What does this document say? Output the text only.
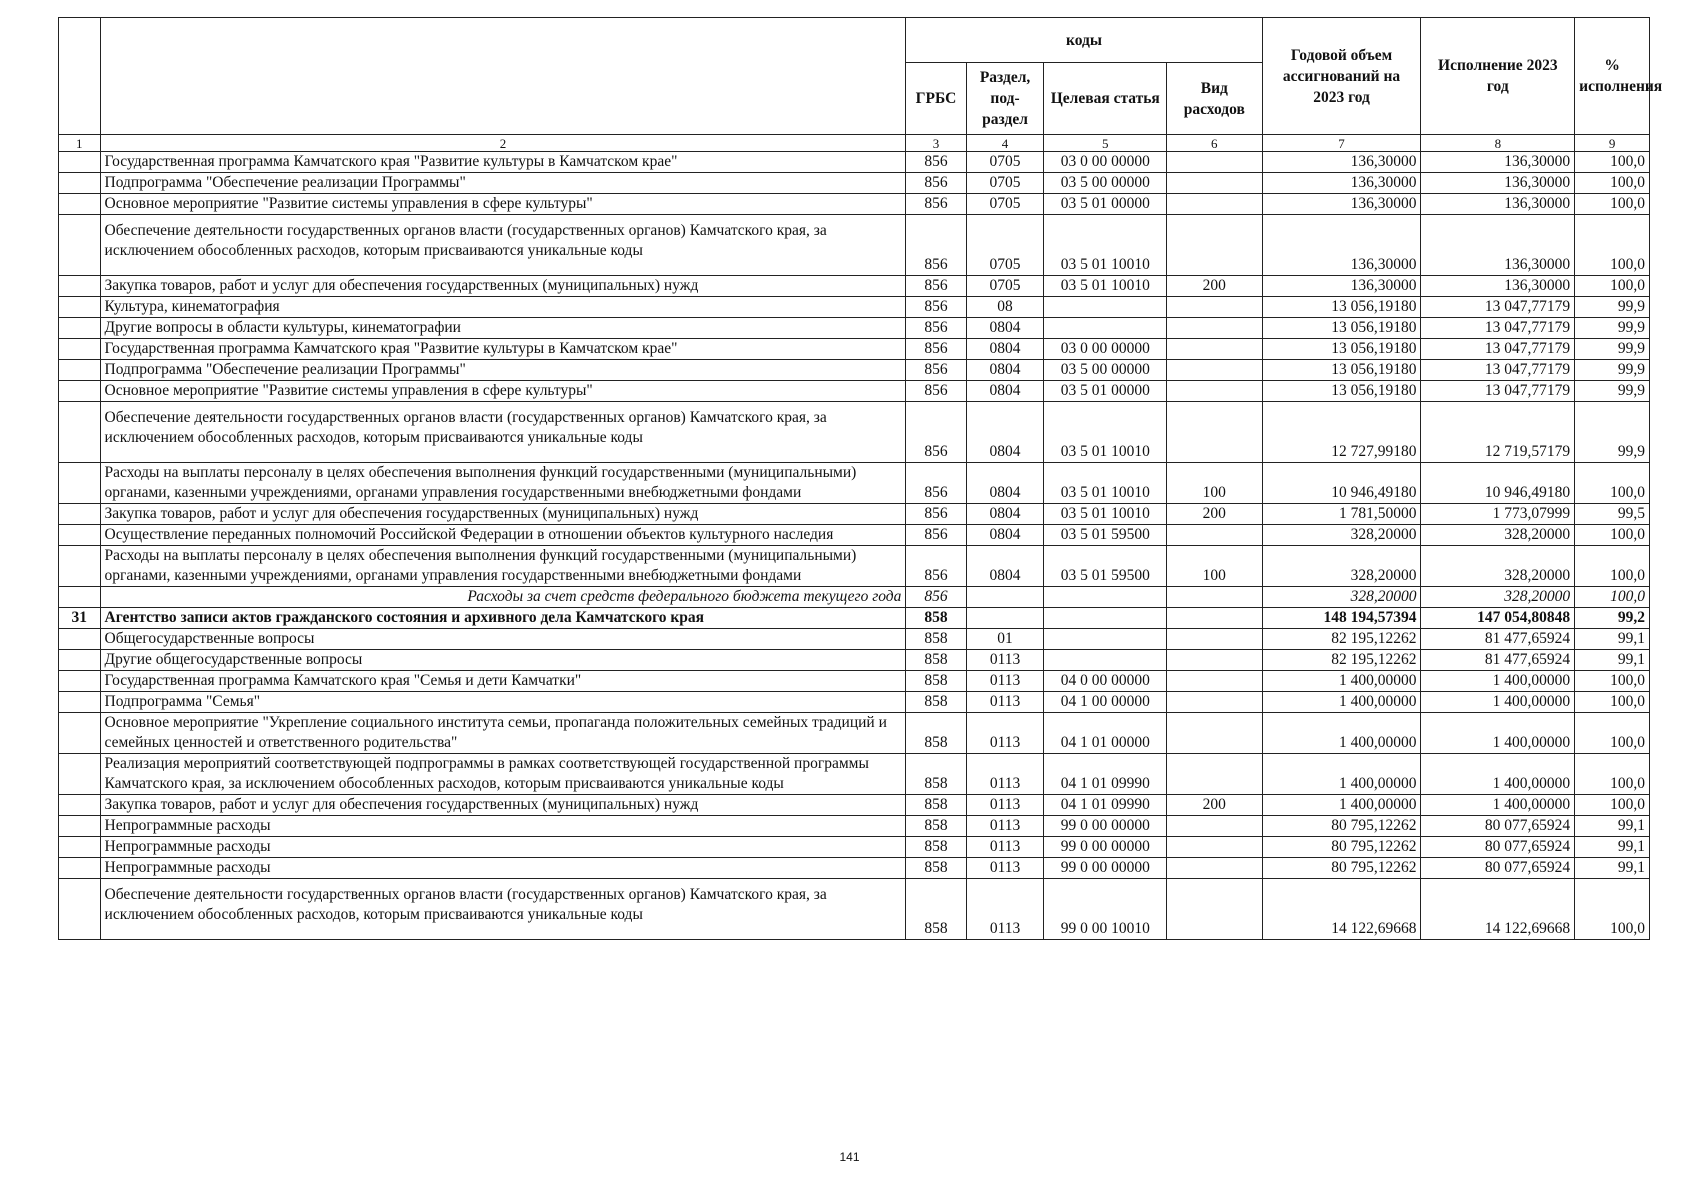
		коды				Годовой объем ассигнований на 2023 год	Исполнение 2023 год	% исполнения
		ГРБС	Раздел, под-раздел	Целевая статья	Вид расходов			
1	2	3	4	5	6	7	8	9
	Государственная программа Камчатского края "Развитие культуры в Камчатском крае"	856	0705	03 0 00 00000		136,30000	136,30000	100,0
	Подпрограмма "Обеспечение реализации Программы"	856	0705	03 5 00 00000		136,30000	136,30000	100,0
	Основное мероприятие "Развитие системы управления в сфере культуры"	856	0705	03 5 01 00000		136,30000	136,30000	100,0
	Обеспечение деятельности государственных органов власти (государственных органов) Камчатского края, за исключением обособленных расходов, которым присваиваются уникальные коды	856	0705	03 5 01 10010		136,30000	136,30000	100,0
	Закупка товаров, работ и услуг для обеспечения государственных (муниципальных) нужд	856	0705	03 5 01 10010	200	136,30000	136,30000	100,0
	Культура, кинематография	856	08			13 056,19180	13 047,77179	99,9
	Другие вопросы в области культуры, кинематографии	856	0804			13 056,19180	13 047,77179	99,9
	Государственная программа Камчатского края "Развитие культуры в Камчатском крае"	856	0804	03 0 00 00000		13 056,19180	13 047,77179	99,9
	Подпрограмма "Обеспечение реализации Программы"	856	0804	03 5 00 00000		13 056,19180	13 047,77179	99,9
	Основное мероприятие "Развитие системы управления в сфере культуры"	856	0804	03 5 01 00000		13 056,19180	13 047,77179	99,9
	Обеспечение деятельности государственных органов власти (государственных органов) Камчатского края, за исключением обособленных расходов, которым присваиваются уникальные коды	856	0804	03 5 01 10010		12 727,99180	12 719,57179	99,9
	Расходы на выплаты персоналу в целях обеспечения выполнения функций государственными (муниципальными) органами, казенными учреждениями, органами управления государственными внебюджетными фондами	856	0804	03 5 01 10010	100	10 946,49180	10 946,49180	100,0
	Закупка товаров, работ и услуг для обеспечения государственных (муниципальных) нужд	856	0804	03 5 01 10010	200	1 781,50000	1 773,07999	99,5
	Осуществление переданных полномочий Российской Федерации в отношении объектов культурного наследия	856	0804	03 5 01 59500		328,20000	328,20000	100,0
	Расходы на выплаты персоналу в целях обеспечения выполнения функций государственными (муниципальными) органами, казенными учреждениями, органами управления государственными внебюджетными фондами	856	0804	03 5 01 59500	100	328,20000	328,20000	100,0
	Расходы за счет средств федерального бюджета текущего года	856				328,20000	328,20000	100,0
31	Агентство записи актов гражданского состояния и архивного дела Камчатского края	858				148 194,57394	147 054,80848	99,2
	Общегосударственные вопросы	858	01			82 195,12262	81 477,65924	99,1
	Другие общегосударственные вопросы	858	0113			82 195,12262	81 477,65924	99,1
	Государственная программа Камчатского края "Семья и дети Камчатки"	858	0113	04 0 00 00000		1 400,00000	1 400,00000	100,0
	Подпрограмма "Семья"	858	0113	04 1 00 00000		1 400,00000	1 400,00000	100,0
	Основное мероприятие "Укрепление социального института семьи, пропаганда положительных семейных традиций и семейных ценностей и ответственного родительства"	858	0113	04 1 01 00000		1 400,00000	1 400,00000	100,0
	Реализация мероприятий соответствующей подпрограммы в рамках соответствующей государственной программы Камчатского края, за исключением обособленных расходов, которым присваиваются уникальные коды	858	0113	04 1 01 09990		1 400,00000	1 400,00000	100,0
	Закупка товаров, работ и услуг для обеспечения государственных (муниципальных) нужд	858	0113	04 1 01 09990	200	1 400,00000	1 400,00000	100,0
	Непрограммные расходы	858	0113	99 0 00 00000		80 795,12262	80 077,65924	99,1
	Непрограммные расходы	858	0113	99 0 00 00000		80 795,12262	80 077,65924	99,1
	Непрограммные расходы	858	0113	99 0 00 00000		80 795,12262	80 077,65924	99,1
	Обеспечение деятельности государственных органов власти (государственных органов) Камчатского края, за исключением обособленных расходов, которым присваиваются уникальные коды	858	0113	99 0 00 10010		14 122,69668	14 122,69668	100,0
141
